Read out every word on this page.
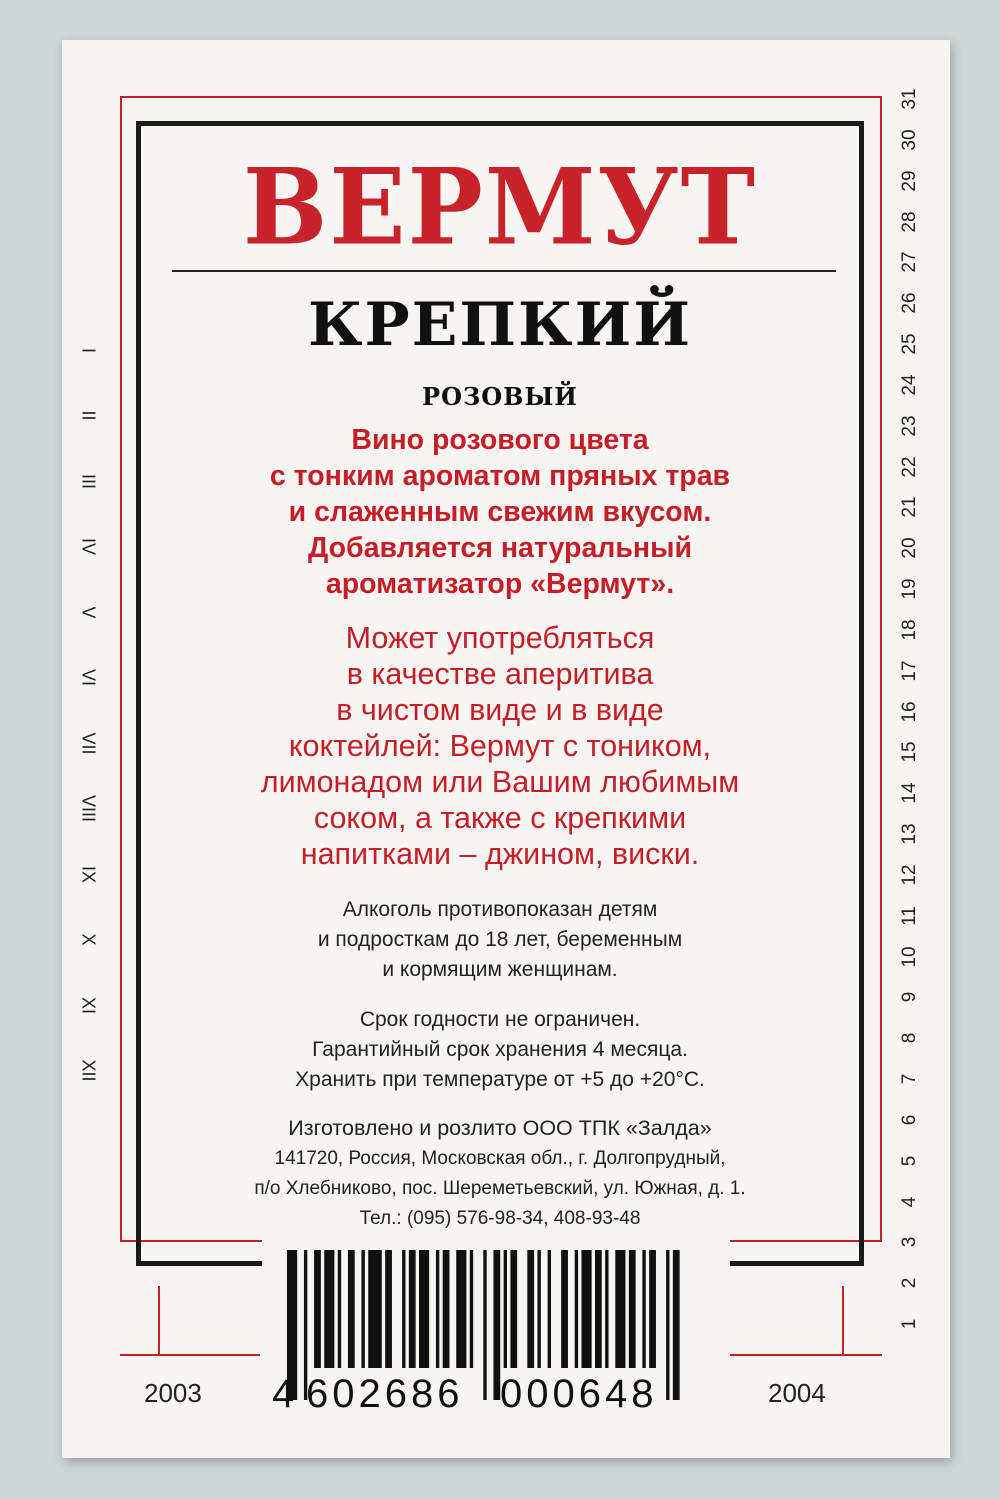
ВЕРМУТ
КРЕПКИЙ
РОЗОВЫЙ
Вино розового цвета
с тонким ароматом пряных трав
и слаженным свежим вкусом.
Добавляется натуральный
ароматизатор «Вермут».
Может употребляться
в качестве аперитива
в чистом виде и в виде
коктейлей: Вермут с тоником,
лимонадом или Вашим любимым
соком, а также с крепкими
напитками – джином, виски.
Алкоголь противопоказан детям
и подросткам до 18 лет, беременным
и кормящим женщинам.
Срок годности не ограничен.
Гарантийный срок хранения 4 месяца.
Хранить при температуре от +5 до +20°С.
Изготовлено и розлито ООО ТПК «Залда»
141720, Россия, Московская обл., г. Долгопрудный,
п/о Хлебниково, пос. Шереметьевский, ул. Южная, д. 1.
Тел.: (095) 576-98-34, 408-93-48
I
II
III
IV
V
VI
VII
VIII
IX
X
XI
XII
1
2
3
4
5
6
7
8
9
10
11
12
13
14
15
16
17
18
19
20
21
22
23
24
25
26
27
28
29
30
31
4 602686 000648
2003	2004
